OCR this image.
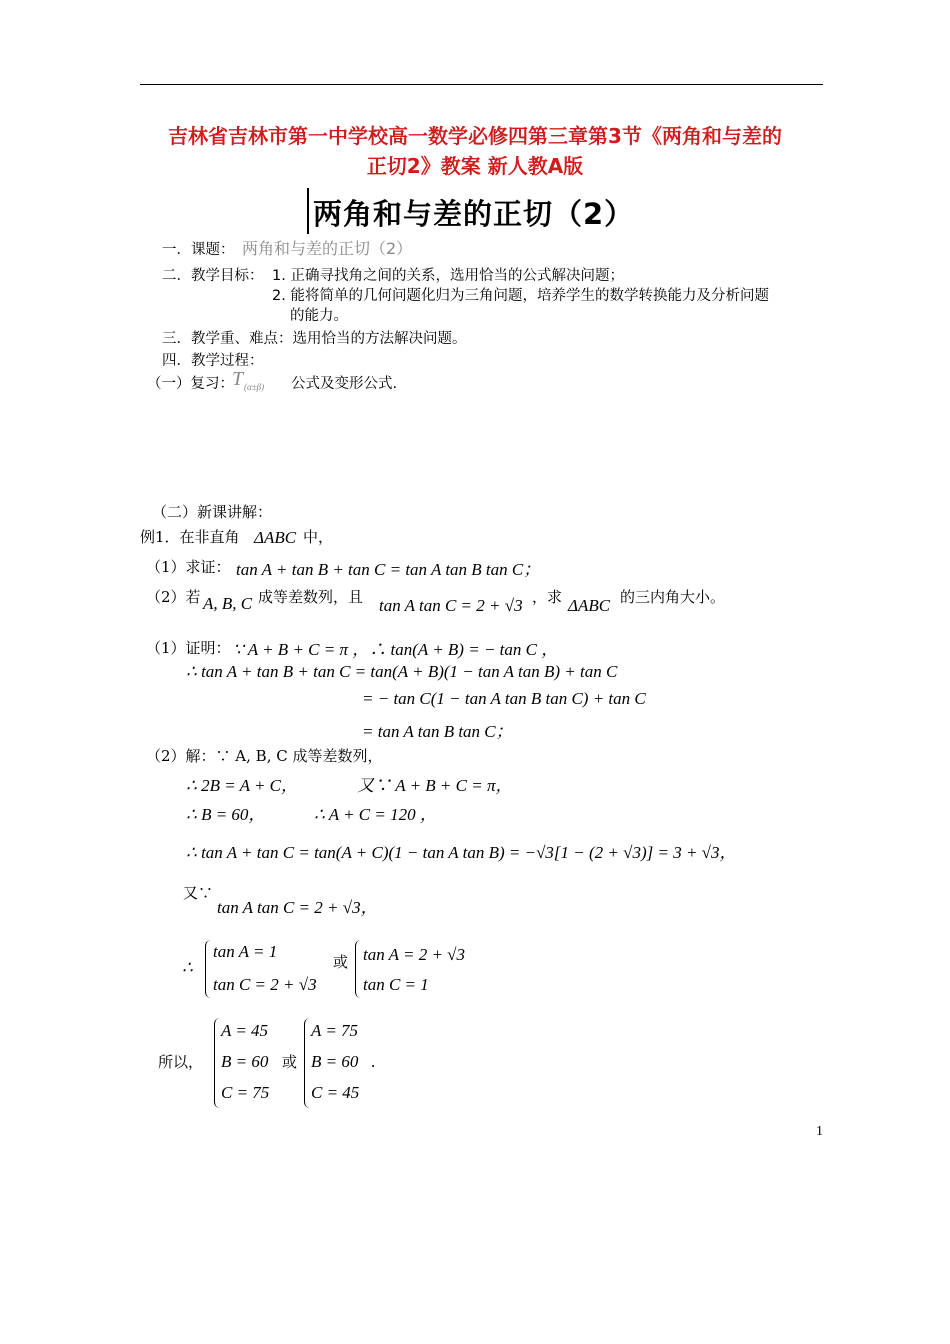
吉林省吉林市第一中学校高一数学必修四第三章第3节《两角和与差的
正切2》教案 新人教A版
两角和与差的正切（2）
一．课题： 两角和与差的正切（2）
二．教学目标： 1. 正确寻找角之间的关系，选用恰当的公式解决问题；
2. 能将简单的几何问题化归为三角问题，培养学生的数学转换能力及分析问题
的能力。
三．教学重、难点：选用恰当的方法解决问题。
四．教学过程：
（一）复习：
T (α±β) 公式及变形公式.
（二）新课讲解：
例1．在非直角 ΔABC 中，
（1）求证： tan A + tan B + tan C = tan A tan B tan C；
（2）若 A, B, C 成等差数列，且 tan A tan C = 2 + √3 ，求 ΔABC 的三内角大小。
（1）证明： ∵ A + B + C = π ，∴ tan(A + B) = − tan C ，
∴ tan A + tan B + tan C = tan(A + B)(1 − tan A tan B) + tan C
= − tan C(1 − tan A tan B tan C) + tan C
= tan A tan B tan C；
（2）解：∵ A, B, C 成等差数列，
∴ 2B = A + C，	又∵ A + B + C = π，
∴ B = 60，	∴ A + C = 120 ，
∴ tan A + tan C = tan(A + C)(1 − tan A tan B) = −√3[1 − (2 + √3)] = 3 + √3，
又∵
tan A tan C = 2 + √3，
∴
tan A = 1
tan C = 2 + √3
或 tan A = 2 + √3
tan C = 1
所以，
A = 45
B = 60
C = 75
或
A = 75
B = 60
C = 45
.
1
